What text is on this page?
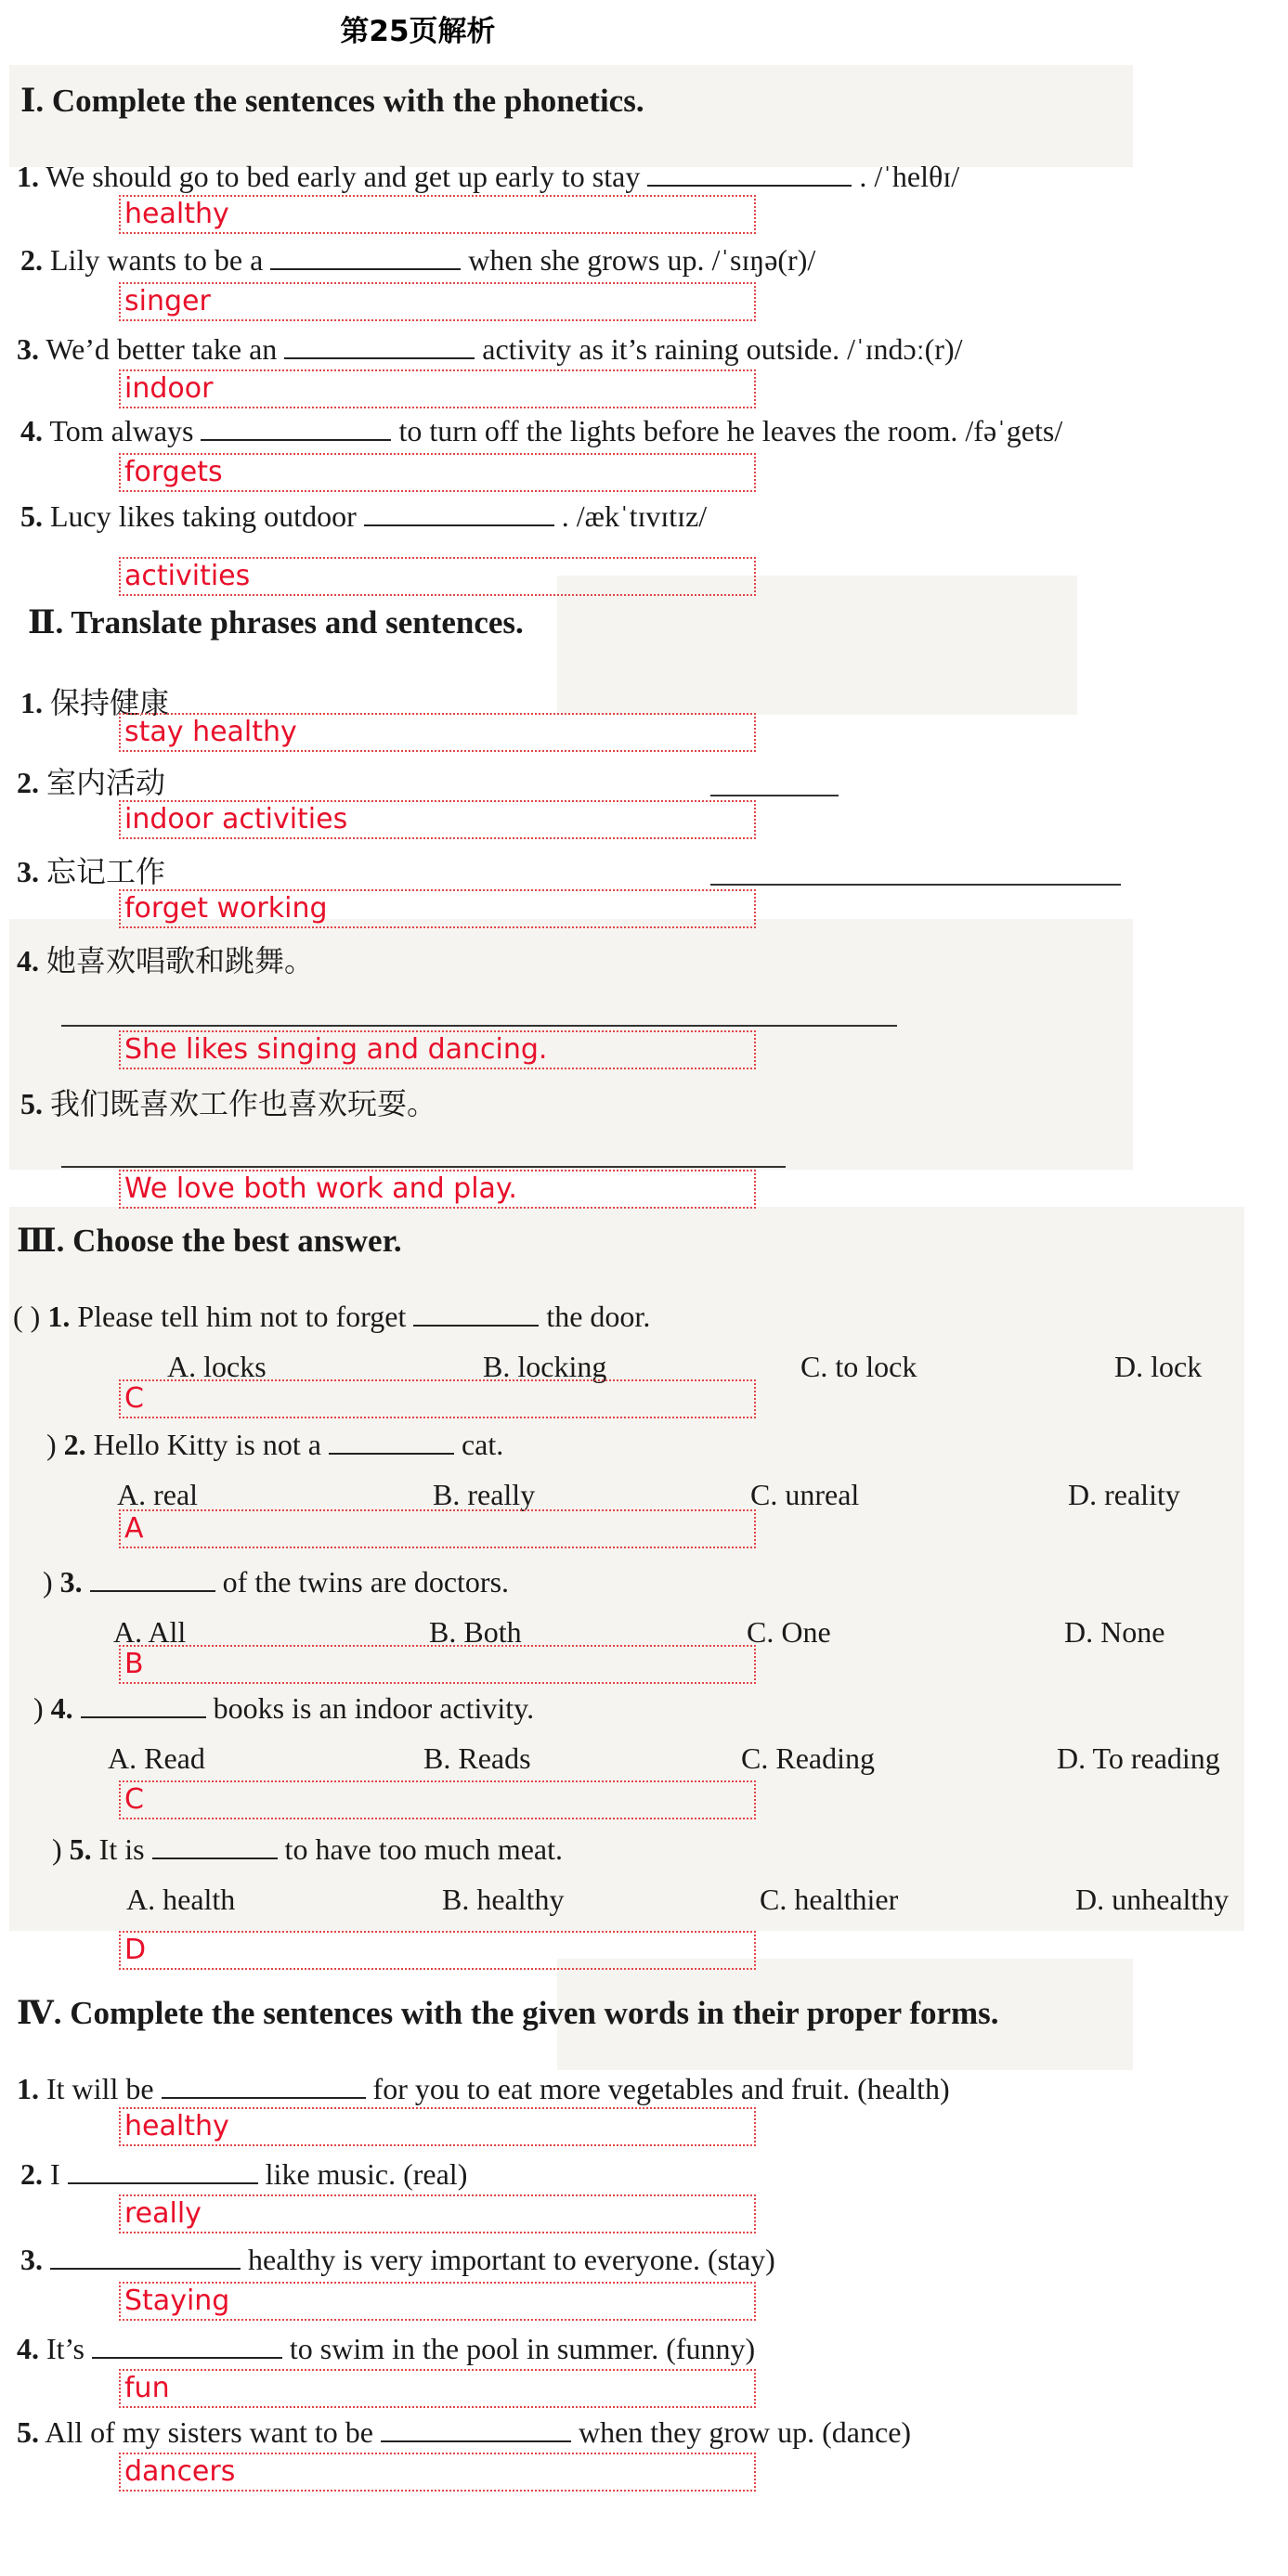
第25页解析
Ⅰ. Complete the sentences with the phonetics.
1. We should go to bed early and get up early to stay	. /ˈhelθɪ/
healthy
2. Lily wants to be a	when she grows up. /ˈsɪŋə(r)/
singer
3. We’d better take an	activity as it’s raining outside. /ˈɪndɔː(r)/
indoor
4. Tom always	to turn off the lights before he leaves the room. /fəˈgets/
forgets
5. Lucy likes taking outdoor	. /ækˈtɪvɪtɪz/
activities
Ⅱ. Translate phrases and sentences.
1. 保持健康
stay healthy
2. 室内活动
indoor activities
3. 忘记工作
forget working
4. 她喜欢唱歌和跳舞。
She likes singing and dancing.
5. 我们既喜欢工作也喜欢玩耍。
We love both work and play.
Ⅲ. Choose the best answer.
( ) 1. Please tell him not to forget	the door.
A. locks	B. locking	C. to lock	D. lock
C
) 2. Hello Kitty is not a	cat.
A. real	B. really	C. unreal	D. reality
A
) 3.	of the twins are doctors.
A. All	B. Both	C. One	D. None
B
) 4.	books is an indoor activity.
A. Read	B. Reads	C. Reading	D. To reading
C
) 5. It is	to have too much meat.
A. health	B. healthy	C. healthier	D. unhealthy
D
Ⅳ. Complete the sentences with the given words in their proper forms.
1. It will be	for you to eat more vegetables and fruit. (health)
healthy
2. I	like music. (real)
really
3.	healthy is very important to everyone. (stay)
Staying
4. It’s	to swim in the pool in summer. (funny)
fun
5. All of my sisters want to be	when they grow up. (dance)
dancers
